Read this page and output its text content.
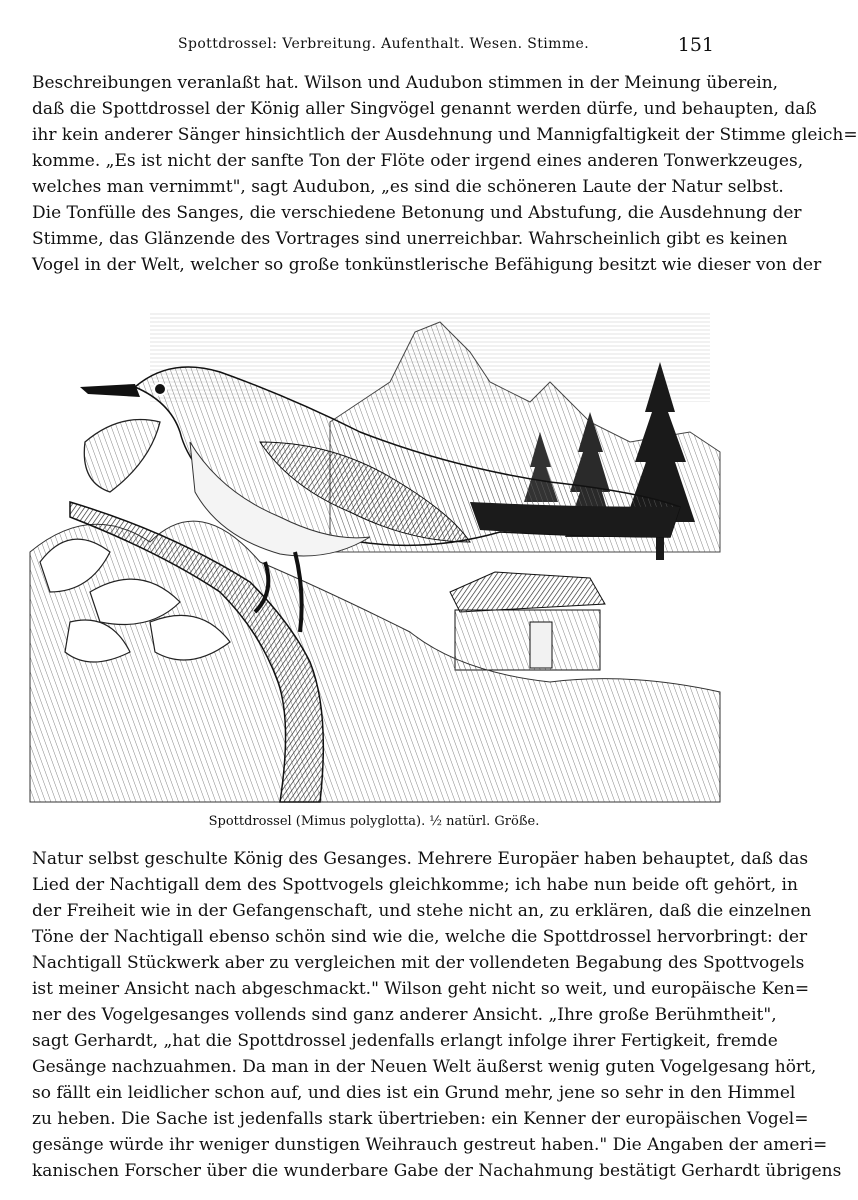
Spottdrossel: Verbreitung. Aufenthalt. Wesen. Stimme.	151
Beschreibungen veranlaßt hat. Wilson und Audubon stimmen in der Meinung überein,
daß die Spottdrossel der König aller Singvögel genannt werden dürfe, und behaupten, daß
ihr kein anderer Sänger hinsichtlich der Ausdehnung und Mannigfaltigkeit der Stimme gleich=
komme. „Es ist nicht der sanfte Ton der Flöte oder irgend eines anderen Tonwerkzeuges,
welches man vernimmt", sagt Audubon, „es sind die schöneren Laute der Natur selbst.
Die Tonfülle des Sanges, die verschiedene Betonung und Abstufung, die Ausdehnung der
Stimme, das Glänzende des Vortrages sind unerreichbar. Wahrscheinlich gibt es keinen
Vogel in der Welt, welcher so große tonkünstlerische Befähigung besitzt wie dieser von der
Spottdrossel (Mimus polyglotta). ½ natürl. Größe.
Natur selbst geschulte König des Gesanges. Mehrere Europäer haben behauptet, daß das
Lied der Nachtigall dem des Spottvogels gleichkomme; ich habe nun beide oft gehört, in
der Freiheit wie in der Gefangenschaft, und stehe nicht an, zu erklären, daß die einzelnen
Töne der Nachtigall ebenso schön sind wie die, welche die Spottdrossel hervorbringt: der
Nachtigall Stückwerk aber zu vergleichen mit der vollendeten Begabung des Spottvogels
ist meiner Ansicht nach abgeschmackt." Wilson geht nicht so weit, und europäische Ken=
ner des Vogelgesanges vollends sind ganz anderer Ansicht. „Ihre große Berühmtheit",
sagt Gerhardt, „hat die Spottdrossel jedenfalls erlangt infolge ihrer Fertigkeit, fremde
Gesänge nachzuahmen. Da man in der Neuen Welt äußerst wenig guten Vogelgesang hört,
so fällt ein leidlicher schon auf, und dies ist ein Grund mehr, jene so sehr in den Himmel
zu heben. Die Sache ist jedenfalls stark übertrieben: ein Kenner der europäischen Vogel=
gesänge würde ihr weniger dunstigen Weihrauch gestreut haben." Die Angaben der ameri=
kanischen Forscher über die wunderbare Gabe der Nachahmung bestätigt Gerhardt übrigens
